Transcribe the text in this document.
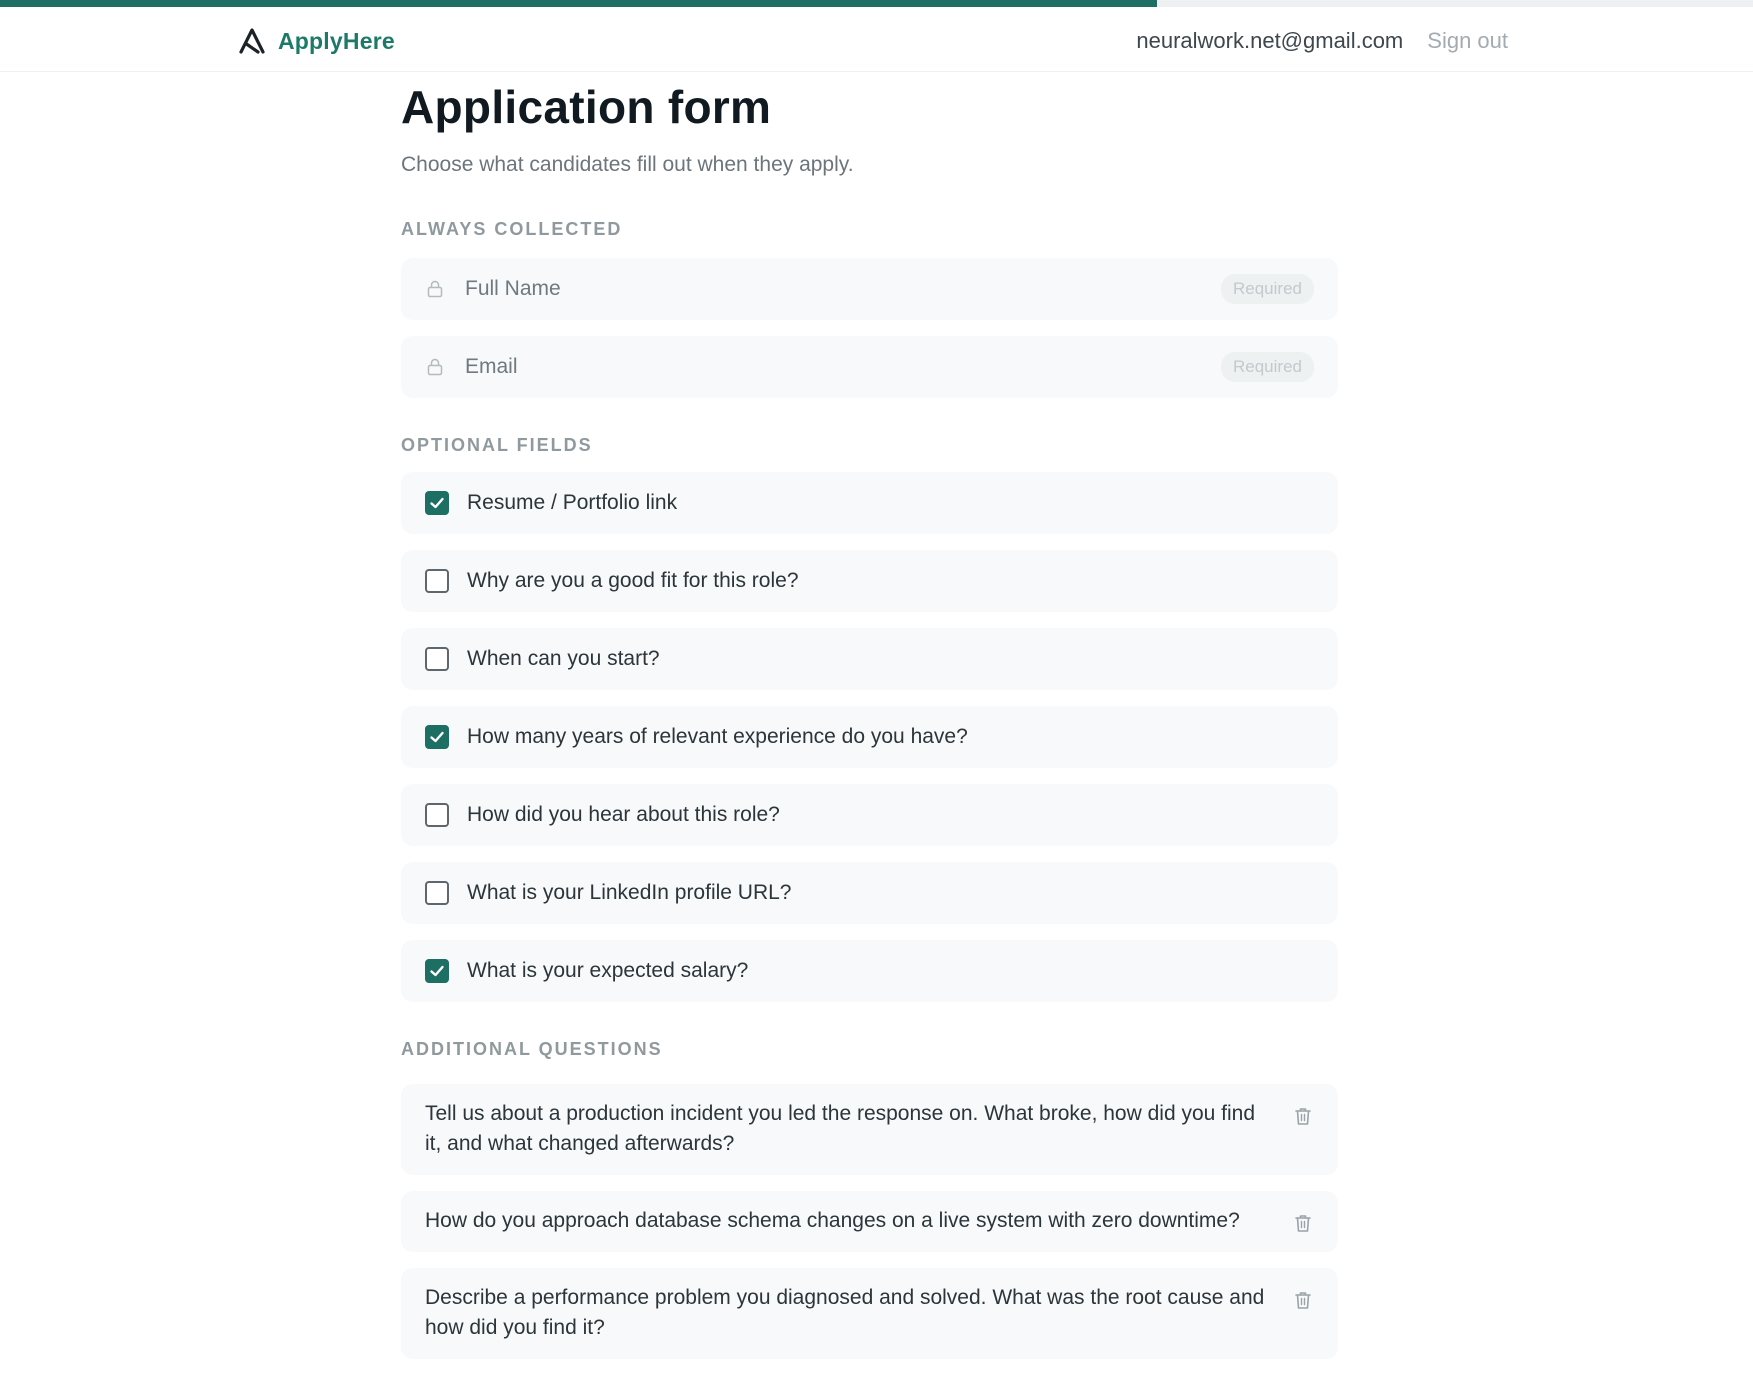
ApplyHere	neuralwork.net@gmail.com Sign out
Application form

Choose what candidates fill out when they apply.

ALWAYS COLLECTED
Full Name	Required
Email	Required
OPTIONAL FIELDS
Resume / Portfolio link
Why are you a good fit for this role?
When can you start?
How many years of relevant experience do you have?
How did you hear about this role?
What is your LinkedIn profile URL?
What is your expected salary?
ADDITIONAL QUESTIONS
Tell us about a production incident you led the response on. What broke, how did you find it, and what changed afterwards?
How do you approach database schema changes on a live system with zero downtime?
Describe a performance problem you diagnosed and solved. What was the root cause and how did you find it?
